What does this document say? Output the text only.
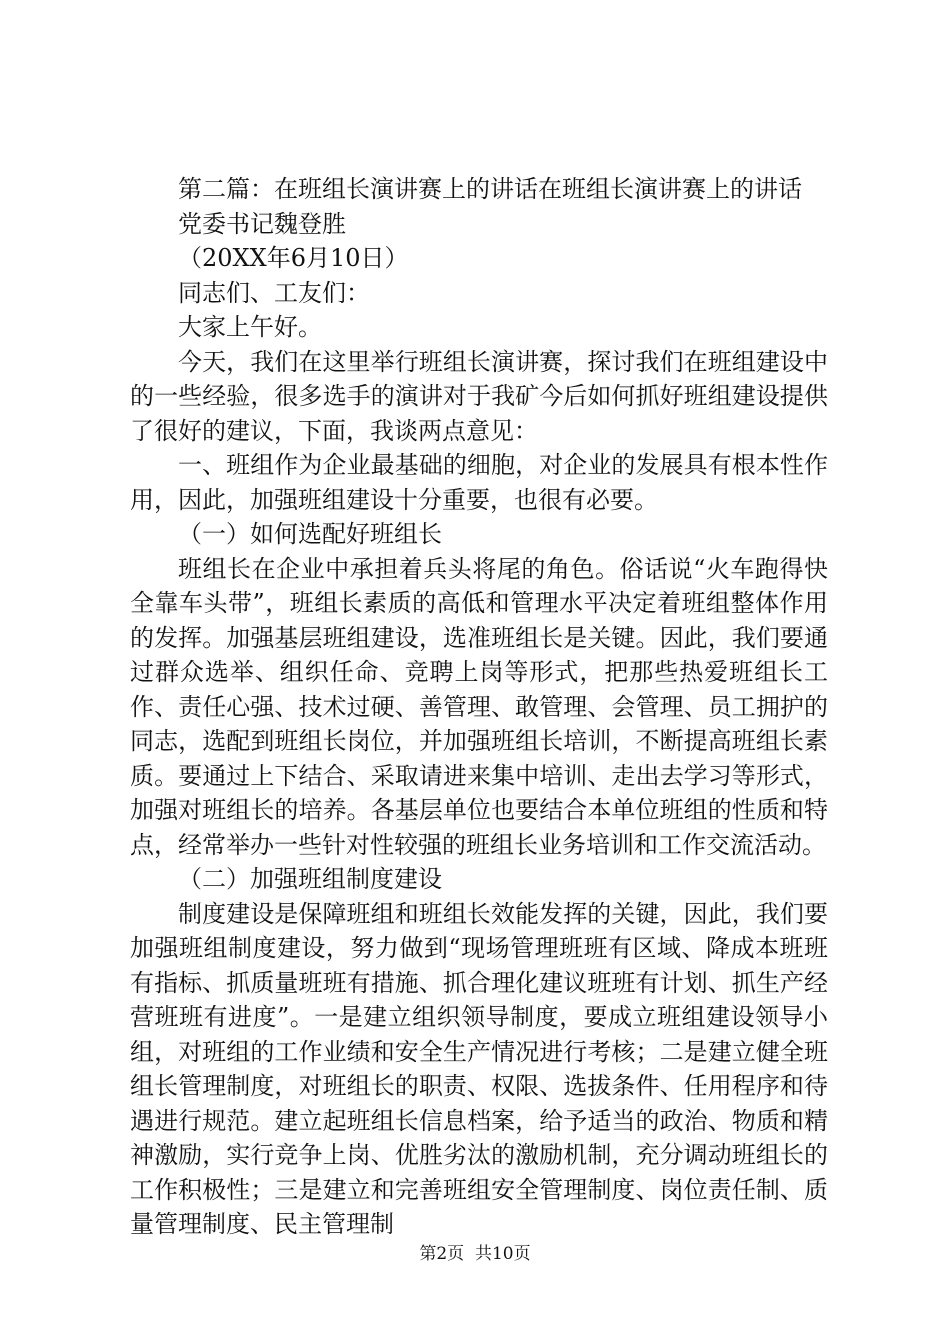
第二篇：在班组长演讲赛上的讲话在班组长演讲赛上的讲话

党委书记魏登胜

（20XX年6月10日）

同志们、工友们：

大家上午好。

今天，我们在这里举行班组长演讲赛，探讨我们在班组建设中的一些经验，很多选手的演讲对于我矿今后如何抓好班组建设提供了很好的建议，下面，我谈两点意见：

一、班组作为企业最基础的细胞，对企业的发展具有根本性作用，因此，加强班组建设十分重要，也很有必要。

（一）如何选配好班组长

班组长在企业中承担着兵头将尾的角色。俗话说“火车跑得快全靠车头带”，班组长素质的高低和管理水平决定着班组整体作用的发挥。加强基层班组建设，选准班组长是关键。因此，我们要通过群众选举、组织任命、竞聘上岗等形式，把那些热爱班组长工作、责任心强、技术过硬、善管理、敢管理、会管理、员工拥护的同志，选配到班组长岗位，并加强班组长培训，不断提高班组长素质。要通过上下结合、采取请进来集中培训、走出去学习等形式，加强对班组长的培养。各基层单位也要结合本单位班组的性质和特点，经常举办一些针对性较强的班组长业务培训和工作交流活动。

（二）加强班组制度建设

制度建设是保障班组和班组长效能发挥的关键，因此，我们要加强班组制度建设，努力做到“现场管理班班有区域、降成本班班有指标、抓质量班班有措施、抓合理化建议班班有计划、抓生产经营班班有进度”。一是建立组织领导制度，要成立班组建设领导小组，对班组的工作业绩和安全生产情况进行考核；二是建立健全班组长管理制度，对班组长的职责、权限、选拔条件、任用程序和待遇进行规范。建立起班组长信息档案，给予适当的政治、物质和精神激励，实行竞争上岗、优胜劣汰的激励机制，充分调动班组长的工作积极性；三是建立和完善班组安全管理制度、岗位责任制、质量管理制度、民主管理制

第2页  共10页
